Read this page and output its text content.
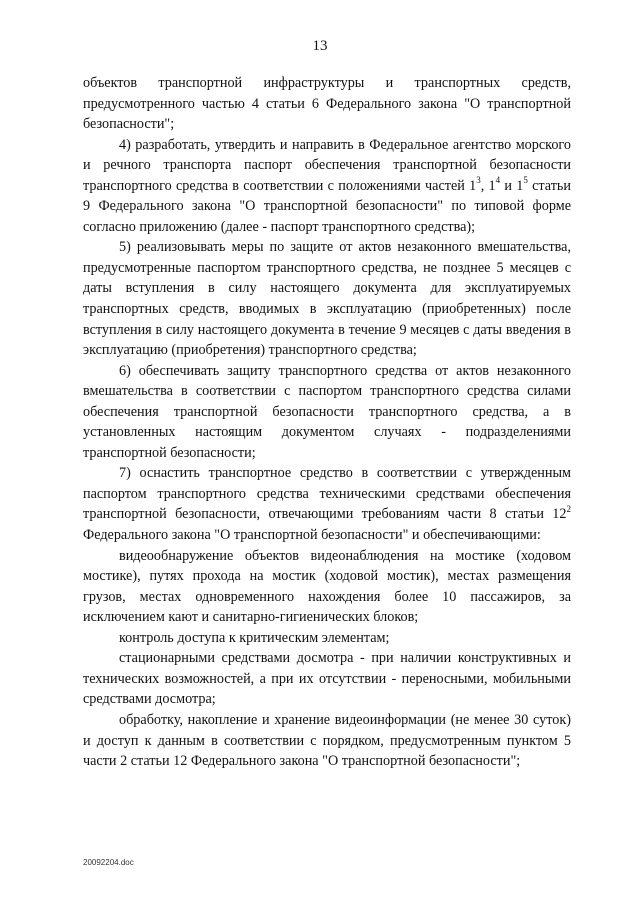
13

объектов транспортной инфраструктуры и транспортных средств, предусмотренного частью 4 статьи 6 Федерального закона "О транспортной безопасности";

4) разработать, утвердить и направить в Федеральное агентство морского и речного транспорта паспорт обеспечения транспортной безопасности транспортного средства в соответствии с положениями частей $1^3$, $1^4$ и $1^5$ статьи 9 Федерального закона "О транспортной безопасности" по типовой форме согласно приложению (далее - паспорт транспортного средства);

5) реализовывать меры по защите от актов незаконного вмешательства, предусмотренные паспортом транспортного средства, не позднее 5 месяцев с даты вступления в силу настоящего документа для эксплуатируемых транспортных средств, вводимых в эксплуатацию (приобретенных) после вступления в силу настоящего документа в течение 9 месяцев с даты введения в эксплуатацию (приобретения) транспортного средства;

6) обеспечивать защиту транспортного средства от актов незаконного вмешательства в соответствии с паспортом транспортного средства силами обеспечения транспортной безопасности транспортного средства, а в установленных настоящим документом случаях - подразделениями транспортной безопасности;

7) оснастить транспортное средство в соответствии с утвержденным паспортом транспортного средства техническими средствами обеспечения транспортной безопасности, отвечающими требованиям части 8 статьи $12^2$ Федерального закона "О транспортной безопасности" и обеспечивающими:

видеообнаружение объектов видеонаблюдения на мостике (ходовом мостике), путях прохода на мостик (ходовой мостик), местах размещения грузов, местах одновременного нахождения более 10 пассажиров, за исключением кают и санитарно-гигиенических блоков;

контроль доступа к критическим элементам;

стационарными средствами досмотра - при наличии конструктивных и технических возможностей, а при их отсутствии - переносными, мобильными средствами досмотра;

обработку, накопление и хранение видеоинформации (не менее 30 суток) и доступ к данным в соответствии с порядком, предусмотренным пунктом 5 части 2 статьи 12 Федерального закона "О транспортной безопасности";

20092204.doc
